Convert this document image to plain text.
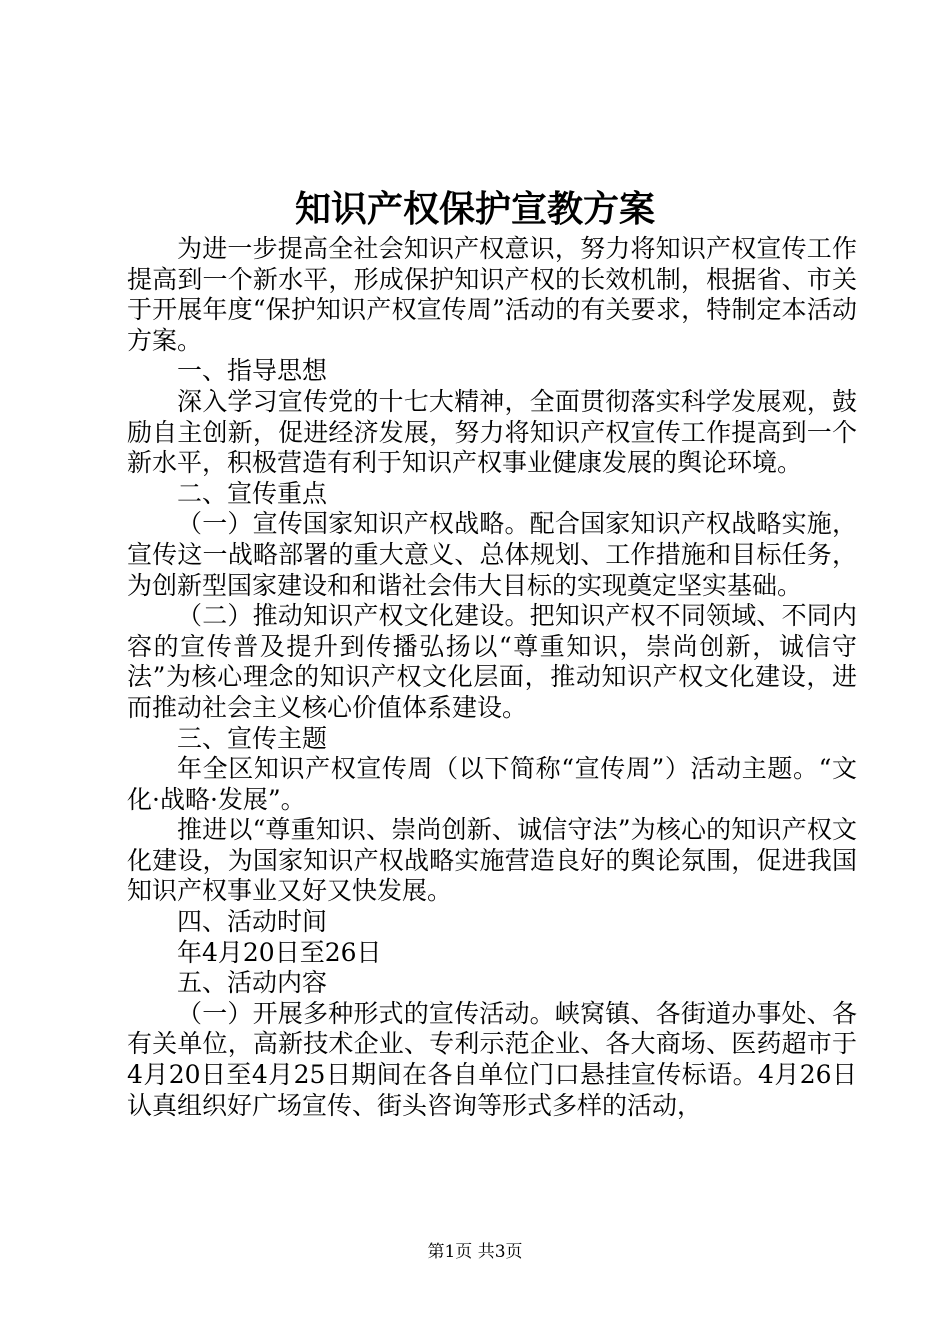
知识产权保护宣教方案

为进一步提高全社会知识产权意识，努力将知识产权宣传工作提高到一个新水平，形成保护知识产权的长效机制，根据省、市关于开展年度“保护知识产权宣传周”活动的有关要求，特制定本活动方案。

一、指导思想

深入学习宣传党的十七大精神，全面贯彻落实科学发展观，鼓励自主创新，促进经济发展，努力将知识产权宣传工作提高到一个新水平，积极营造有利于知识产权事业健康发展的舆论环境。

二、宣传重点

（一）宣传国家知识产权战略。配合国家知识产权战略实施，宣传这一战略部署的重大意义、总体规划、工作措施和目标任务，为创新型国家建设和和谐社会伟大目标的实现奠定坚实基础。

（二）推动知识产权文化建设。把知识产权不同领域、不同内容的宣传普及提升到传播弘扬以“尊重知识，崇尚创新，诚信守法”为核心理念的知识产权文化层面，推动知识产权文化建设，进而推动社会主义核心价值体系建设。

三、宣传主题

年全区知识产权宣传周（以下简称“宣传周”）活动主题。“文化·战略·发展”。

推进以“尊重知识、崇尚创新、诚信守法”为核心的知识产权文化建设，为国家知识产权战略实施营造良好的舆论氛围，促进我国知识产权事业又好又快发展。

四、活动时间

年4月20日至26日

五、活动内容

（一）开展多种形式的宣传活动。峡窝镇、各街道办事处、各有关单位，高新技术企业、专利示范企业、各大商场、医药超市于4月20日至4月25日期间在各自单位门口悬挂宣传标语。4月26日认真组织好广场宣传、街头咨询等形式多样的活动，

第1页 共3页
